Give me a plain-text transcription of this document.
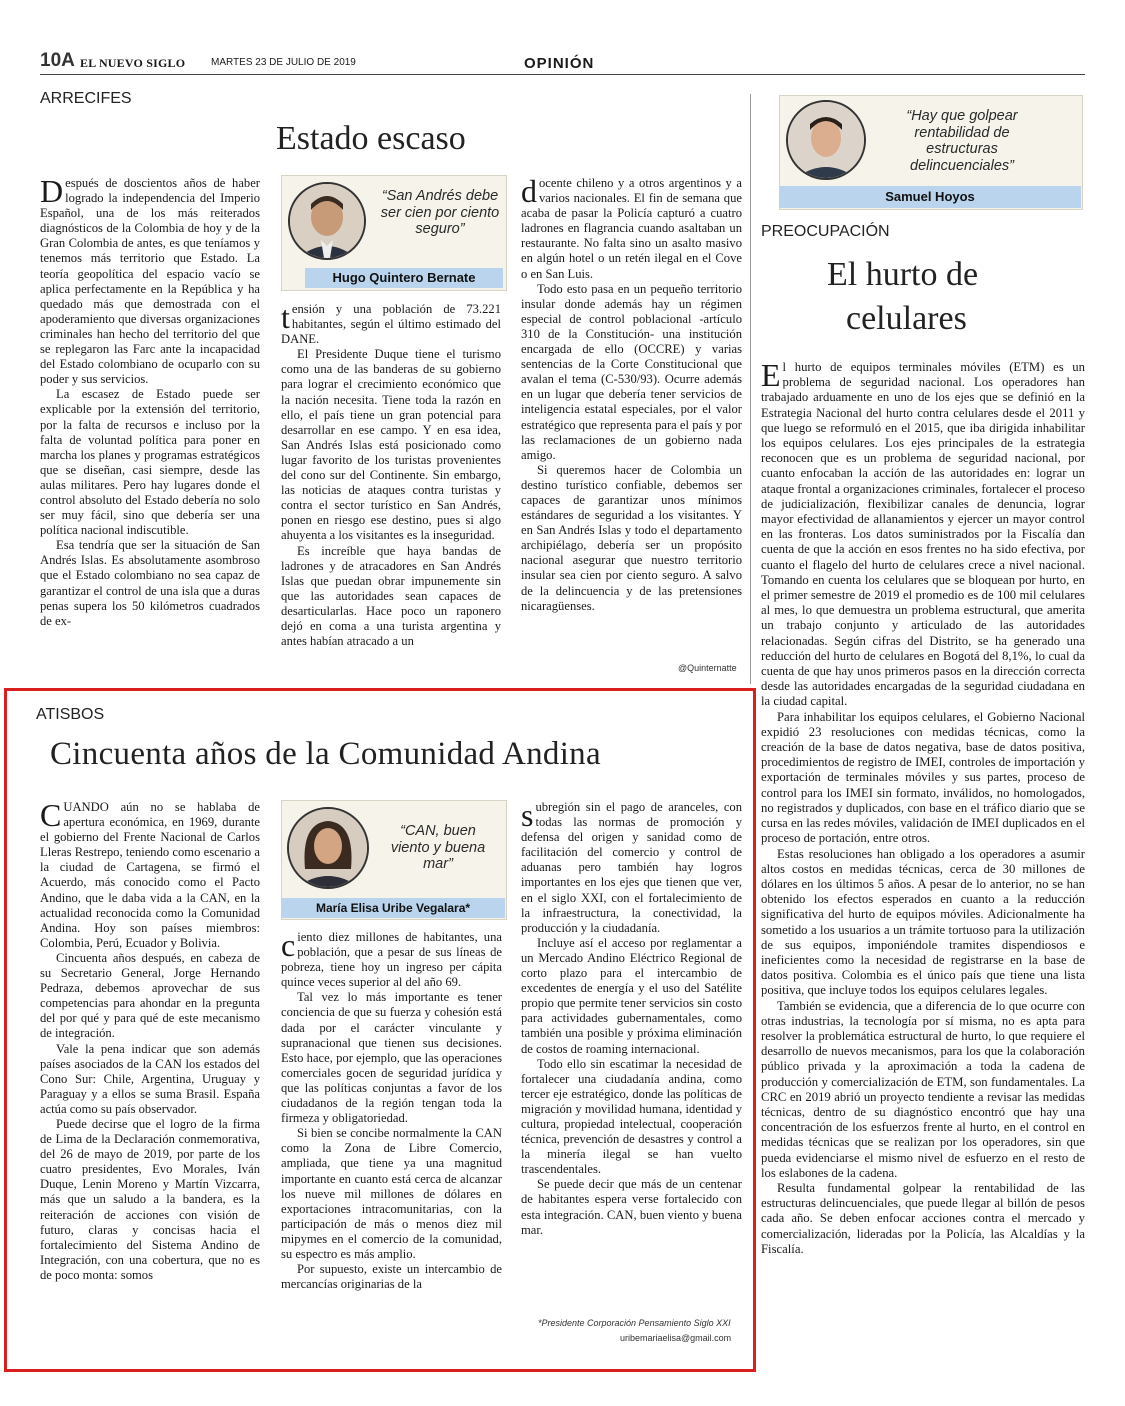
10A EL NUEVO SIGLO	MARTES 23 DE JULIO DE 2019	OPINIÓN
ARRECIFES
Estado escaso

Después de doscientos años de haber logrado la independencia del Imperio Español, una de los más reiterados diagnósticos de la Colombia de hoy y de la Gran Colombia de antes, es que teníamos y tenemos más territorio que Estado. La teoría geopolítica del espacio vacío se aplica perfectamente en la República y ha quedado más que demostrada con el apoderamiento que diversas organizaciones criminales han hecho del territorio del que se replegaron las Farc ante la incapacidad del Estado colombiano de ocuparlo con su poder y sus servicios.

La escasez de Estado puede ser explicable por la extensión del territorio, por la falta de recursos e incluso por la falta de voluntad política para poner en marcha los planes y programas estratégicos que se diseñan, casi siempre, desde las aulas militares. Pero hay lugares donde el control absoluto del Estado debería no solo ser muy fácil, sino que debería ser una política nacional indiscutible.

Esa tendría que ser la situación de San Andrés Islas. Es absolutamente asombroso que el Estado colombiano no sea capaz de garantizar el control de una isla que a duras penas supera los 50 kilómetros cuadrados de ex-

“San Andrés debe ser cien por ciento seguro”
Hugo Quintero Bernate

tensión y una población de 73.221 habitantes, según el último estimado del DANE.

El Presidente Duque tiene el turismo como una de las banderas de su gobierno para lograr el crecimiento económico que la nación necesita. Tiene toda la razón en ello, el país tiene un gran potencial para desarrollar en ese campo. Y en esa idea, San Andrés Islas está posicionado como lugar favorito de los turistas provenientes del cono sur del Continente. Sin embargo, las noticias de ataques contra turistas y contra el sector turístico en San Andrés, ponen en riesgo ese destino, pues si algo ahuyenta a los visitantes es la inseguridad.

Es increíble que haya bandas de ladrones y de atracadores en San Andrés Islas que puedan obrar impunemente sin que las autoridades sean capaces de desarticularlas. Hace poco un raponero dejó en coma a una turista argentina y antes habían atracado a un

docente chileno y a otros argentinos y a varios nacionales. El fin de semana que acaba de pasar la Policía capturó a cuatro ladrones en flagrancia cuando asaltaban un restaurante. No falta sino un asalto masivo en algún hotel o un retén ilegal en el Cove o en San Luis.

Todo esto pasa en un pequeño territorio insular donde además hay un régimen especial de control poblacional -artículo 310 de la Constitución- una institución encargada de ello (OCCRE) y varias sentencias de la Corte Constitucional que avalan el tema (C-530/93). Ocurre además en un lugar que debería tener servicios de inteligencia estatal especiales, por el valor estratégico que representa para el país y por las reclamaciones de un gobierno nada amigo.

Si queremos hacer de Colombia un destino turístico confiable, debemos ser capaces de garantizar unos mínimos estándares de seguridad a los visitantes. Y en San Andrés Islas y todo el departamento archipiélago, debería ser un propósito nacional asegurar que nuestro territorio insular sea cien por ciento seguro. A salvo de la delincuencia y de las pretensiones nicaragüenses.

@Quinternatte
ATISBOS
Cincuenta años de la Comunidad Andina

CUANDO aún no se hablaba de apertura económica, en 1969, durante el gobierno del Frente Nacional de Carlos Lleras Restrepo, teniendo como escenario a la ciudad de Cartagena, se firmó el Acuerdo, más conocido como el Pacto Andino, que le daba vida a la CAN, en la actualidad reconocida como la Comunidad Andina. Hoy son países miembros: Colombia, Perú, Ecuador y Bolivia.

Cincuenta años después, en cabeza de su Secretario General, Jorge Hernando Pedraza, debemos aprovechar de sus competencias para ahondar en la pregunta del por qué y para qué de este mecanismo de integración.

Vale la pena indicar que son además países asociados de la CAN los estados del Cono Sur: Chile, Argentina, Uruguay y Paraguay y a ellos se suma Brasil. España actúa como su país observador.

Puede decirse que el logro de la firma de Lima de la Declaración conmemorativa, del 26 de mayo de 2019, por parte de los cuatro presidentes, Evo Morales, Iván Duque, Lenin Moreno y Martín Vizcarra, más que un saludo a la bandera, es la reiteración de acciones con visión de futuro, claras y concisas hacia el fortalecimiento del Sistema Andino de Integración, con una cobertura, que no es de poco monta: somos

“CAN, buen viento y buena mar”
María Elisa Uribe Vegalara*

ciento diez millones de habitantes, una población, que a pesar de sus líneas de pobreza, tiene hoy un ingreso per cápita quince veces superior al del año 69.

Tal vez lo más importante es tener conciencia de que su fuerza y cohesión está dada por el carácter vinculante y supranacional que tienen sus decisiones. Esto hace, por ejemplo, que las operaciones comerciales gocen de seguridad jurídica y que las políticas conjuntas a favor de los ciudadanos de la región tengan toda la firmeza y obligatoriedad.

Si bien se concibe normalmente la CAN como la Zona de Libre Comercio, ampliada, que tiene ya una magnitud importante en cuanto está cerca de alcanzar los nueve mil millones de dólares en exportaciones intracomunitarias, con la participación de más o menos diez mil mipymes en el comercio de la comunidad, su espectro es más amplio.

Por supuesto, existe un intercambio de mercancías originarias de la

subregión sin el pago de aranceles, con todas las normas de promoción y defensa del origen y sanidad como de facilitación del comercio y control de aduanas pero también hay logros importantes en los ejes que tienen que ver, en el siglo XXI, con el fortalecimiento de la infraestructura, la conectividad, la producción y la ciudadanía.

Incluye así el acceso por reglamentar a un Mercado Andino Eléctrico Regional de corto plazo para el intercambio de excedentes de energía y el uso del Satélite propio que permite tener servicios sin costo para actividades gubernamentales, como también una posible y próxima eliminación de costos de roaming internacional.

Todo ello sin escatimar la necesidad de fortalecer una ciudadanía andina, como tercer eje estratégico, donde las políticas de migración y movilidad humana, identidad y cultura, propiedad intelectual, cooperación técnica, prevención de desastres y control a la minería ilegal se han vuelto trascendentales.

Se puede decir que más de un centenar de habitantes espera verse fortalecido con esta integración. CAN, buen viento y buena mar.

*Presidente Corporación Pensamiento Siglo XXI
uribemariaelisa@gmail.com
“Hay que golpear rentabilidad de estructuras delincuenciales”
Samuel Hoyos
PREOCUPACIÓN
El hurto de
celulares

El hurto de equipos terminales móviles (ETM) es un problema de seguridad nacional. Los operadores han trabajado arduamente en uno de los ejes que se definió en la Estrategia Nacional del hurto contra celulares desde el 2011 y que luego se reformuló en el 2015, que iba dirigida inhabilitar los equipos celulares. Los ejes principales de la estrategia reconocen que es un problema de seguridad nacional, por cuanto enfocaban la acción de las autoridades en: lograr un ataque frontal a organizaciones criminales, fortalecer el proceso de judicialización, flexibilizar canales de denuncia, lograr mayor efectividad de allanamientos y ejercer un mayor control en las fronteras. Los datos suministrados por la Fiscalía dan cuenta de que la acción en esos frentes no ha sido efectiva, por cuanto el flagelo del hurto de celulares crece a nivel nacional. Tomando en cuenta los celulares que se bloquean por hurto, en el primer semestre de 2019 el promedio es de 100 mil celulares al mes, lo que demuestra un problema estructural, que amerita un trabajo conjunto y articulado de las autoridades relacionadas. Según cifras del Distrito, se ha generado una reducción del hurto de celulares en Bogotá del 8,1%, lo cual da cuenta de que hay unos primeros pasos en la dirección correcta desde las autoridades encargadas de la seguridad ciudadana en la ciudad capital.

Para inhabilitar los equipos celulares, el Gobierno Nacional expidió 23 resoluciones con medidas técnicas, como la creación de la base de datos negativa, base de datos positiva, procedimientos de registro de IMEI, controles de importación y exportación de terminales móviles y sus partes, proceso de control para los IMEI sin formato, inválidos, no homologados, no registrados y duplicados, con base en el tráfico diario que se cursa en las redes móviles, validación de IMEI duplicados en el proceso de portación, entre otros.

Estas resoluciones han obligado a los operadores a asumir altos costos en medidas técnicas, cerca de 30 millones de dólares en los últimos 5 años. A pesar de lo anterior, no se han obtenido los efectos esperados en cuanto a la reducción significativa del hurto de equipos móviles. Adicionalmente ha sometido a los usuarios a un trámite tortuoso para la utilización de sus equipos, imponiéndole tramites dispendiosos e ineficientes como la necesidad de registrarse en la base de datos positiva. Colombia es el único país que tiene una lista positiva, que incluye todos los equipos celulares legales.

También se evidencia, que a diferencia de lo que ocurre con otras industrias, la tecnología por sí misma, no es apta para resolver la problemática estructural de hurto, lo que requiere el desarrollo de nuevos mecanismos, para los que la colaboración público privada y la aproximación a toda la cadena de producción y comercialización de ETM, son fundamentales. La CRC en 2019 abrió un proyecto tendiente a revisar las medidas técnicas, dentro de su diagnóstico encontró que hay una concentración de los esfuerzos frente al hurto, en el control en medidas técnicas que se realizan por los operadores, sin que pueda evidenciarse el mismo nivel de esfuerzo en el resto de los eslabones de la cadena.

Resulta fundamental golpear la rentabilidad de las estructuras delincuenciales, que puede llegar al billón de pesos cada año. Se deben enfocar acciones contra el mercado y comercialización, lideradas por la Policía, las Alcaldías y la Fiscalía.
